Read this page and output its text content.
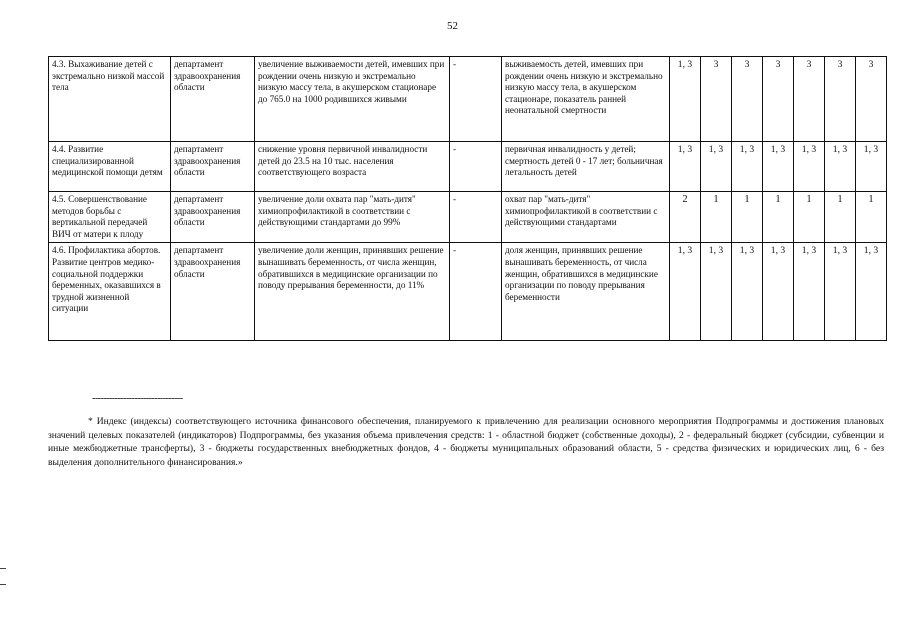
52
4.3. Выхаживание детей с экстремально низкой массой тела	департамент здравоохранения области	увеличение выживаемости детей, имевших при рождении очень низкую и экстремально низкую массу тела, в акушерском стационаре до 765.0 на 1000 родившихся живыми	-	выживаемость детей, имевших при рождении очень низкую и экстремально низкую массу тела, в акушерском стационаре, показатель ранней неонатальной смертности	1, 3	3	3	3	3	3	3
4.4. Развитие специализированной медицинской помощи детям	департамент здравоохранения области	снижение уровня первичной инвалидности детей до 23.5 на 10 тыс. населения соответствующего возраста	-	первичная инвалидность у детей; смертность детей 0 - 17 лет; больничная летальность детей	1, 3	1, 3	1, 3	1, 3	1, 3	1, 3	1, 3
4.5. Совершенствование методов борьбы с вертикальной передачей ВИЧ от матери к плоду	департамент здравоохранения области	увеличение доли охвата пар "мать-дитя" химиопрофилактикой в соответствии с действующими стандартами до 99%	-	охват пар "мать-дитя" химиопрофилактикой в соответствии с действующими стандартами	2	1	1	1	1	1	1
4.6. Профилактика абортов. Развитие центров медико-социальной поддержки беременных, оказавшихся в трудной жизненной ситуации	департамент здравоохранения области	увеличение доли женщин, принявших решение вынашивать беременность, от числа женщин, обратившихся в медицинские организации по поводу прерывания беременности, до 11%	-	доля женщин, принявших решение вынашивать беременность, от числа женщин, обратившихся в медицинские организации по поводу прерывания беременности	1, 3	1, 3	1, 3	1, 3	1, 3	1, 3	1, 3
--------------------------------
* Индекс (индексы) соответствующего источника финансового обеспечения, планируемого к привлечению для реализации основного мероприятия Подпрограммы и достижения плановых значений целевых показателей (индикаторов) Подпрограммы, без указания объема привлечения средств: 1 - областной бюджет (собственные доходы), 2 - федеральный бюджет (субсидии, субвенции и иные межбюджетные трансферты), 3 - бюджеты государственных внебюджетных фондов, 4 - бюджеты муниципальных образований области, 5 - средства физических и юридических лиц, 6 - без выделения дополнительного финансирования.»
